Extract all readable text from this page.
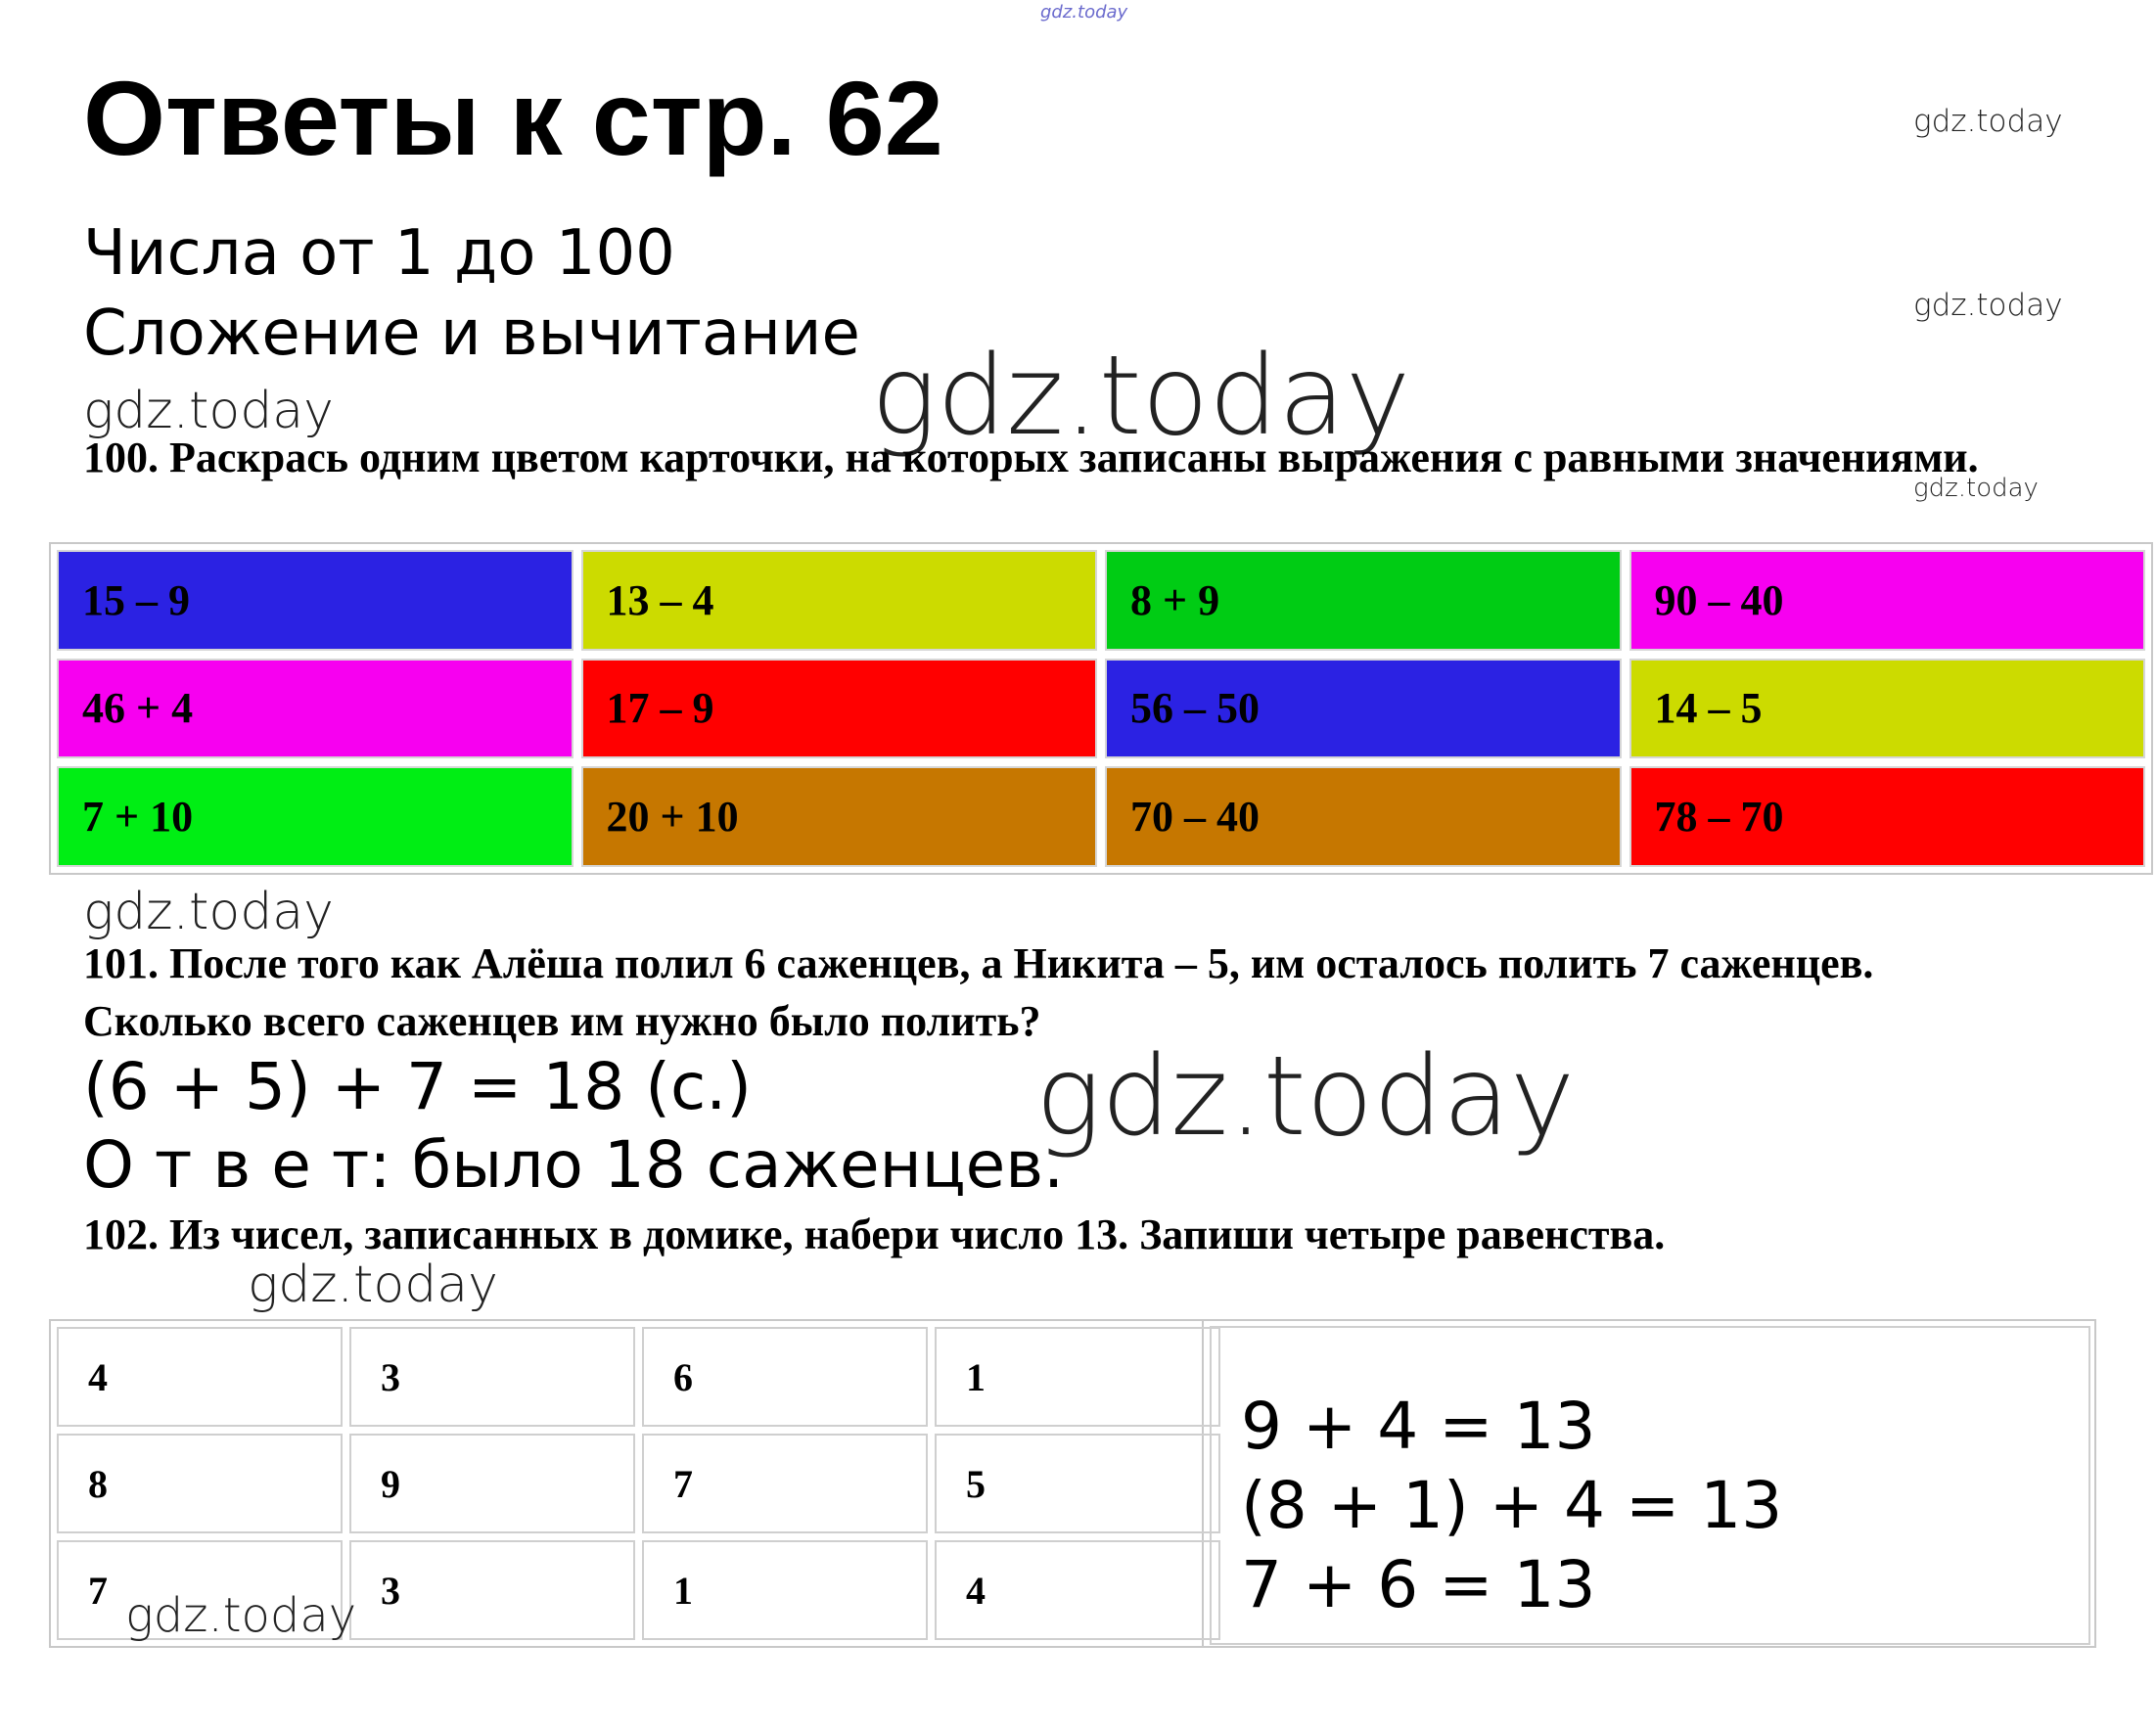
gdz.today
gdz.today
gdz.today
gdz.today
gdz.today	gdz.today
Ответы к стр. 62
Числа от 1 до 100
Сложение и вычитание
100. Раскрась одним цветом карточки, на которых записаны выражения с равными значениями.
15 – 9	13 – 4	8 + 9	90 – 40
46 + 4	17 – 9	56 – 50	14 – 5
7 + 10	20 + 10	70 – 40	78 – 70
gdz.today
101. После того как Алёша полил 6 саженцев, а Никита – 5, им осталось полить 7 саженцев. Сколько всего саженцев им нужно было полить?
(6 + 5) + 7 = 18 (с.)
О т в е т: было 18 саженцев.
gdz.today
102. Из чисел, записанных в домике, набери число 13. Запиши четыре равенства.
gdz.today
4	3	6	1
8	9	7	5
7	3	1	4
9 + 4 = 13
(8 + 1) + 4 = 13
7 + 6 = 13
gdz.today
